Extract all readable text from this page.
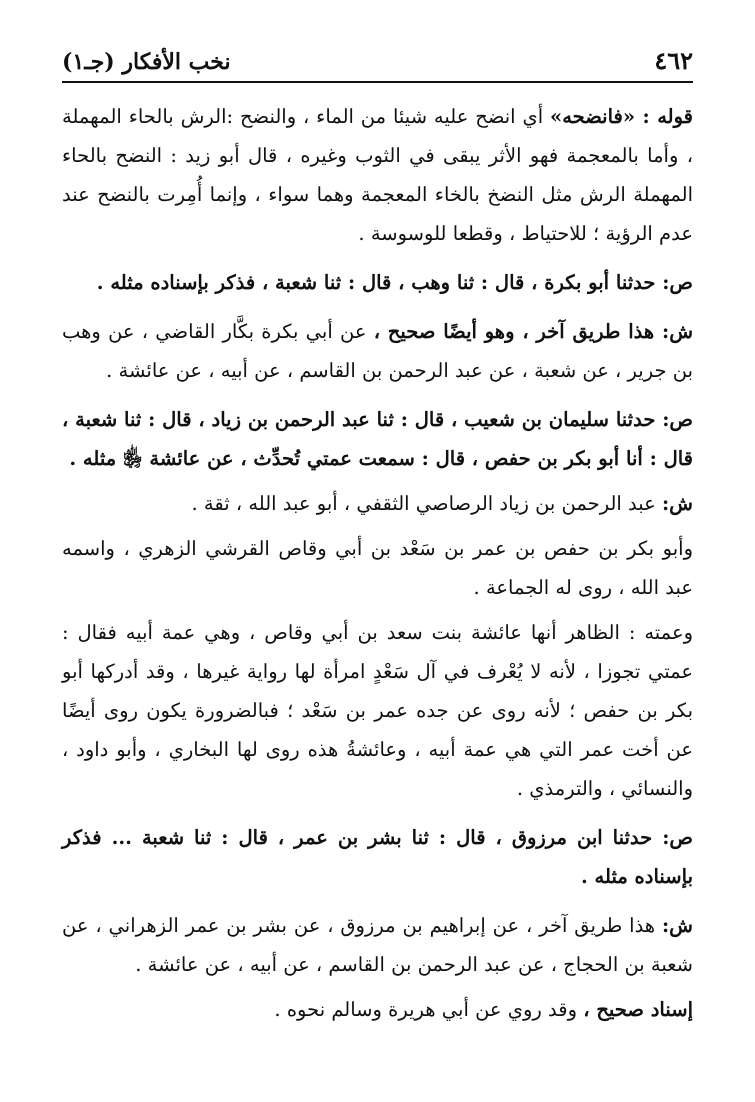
٤٦٢
نخب الأفكار (جـ١)

قوله : «فانضحه» أي انضح عليه شيئا من الماء ، والنضح :الرش بالحاء المهملة ، وأما بالمعجمة فهو الأثر يبقى في الثوب وغيره ، قال أبو زيد : النضح بالحاء المهملة الرش مثل النضخ بالخاء المعجمة وهما سواء ، وإنما أُمِرت بالنضح عند عدم الرؤية ؛ للاحتياط ، وقطعا للوسوسة .

ص: حدثنا أبو بكرة ، قال : ثنا وهب ، قال : ثنا شعبة ، فذكر بإسناده مثله .

ش: هذا طريق آخر ، وهو أيضًا صحيح ، عن أبي بكرة بكَّار القاضي ، عن وهب بن جرير ، عن شعبة ، عن عبد الرحمن بن القاسم ، عن أبيه ، عن عائشة .

ص: حدثنا سليمان بن شعيب ، قال : ثنا عبد الرحمن بن زياد ، قال : ثنا شعبة ، قال : أنا أبو بكر بن حفص ، قال : سمعت عمتي تُحدِّث ، عن عائشة ﵂ مثله .

ش: عبد الرحمن بن زياد الرصاصي الثقفي ، أبو عبد الله ، ثقة .

وأبو بكر بن حفص بن عمر بن سَعْد بن أبي وقاص القرشي الزهري ، واسمه عبد الله ، روى له الجماعة .

وعمته : الظاهر أنها عائشة بنت سعد بن أبي وقاص ، وهي عمة أبيه فقال : عمتي تجوزا ، لأنه لا يُعْرف في آل سَعْدٍ امرأة لها رواية غيرها ، وقد أدركها أبو بكر بن حفص ؛ لأنه روى عن جده عمر بن سَعْد ؛ فبالضرورة يكون روى أيضًا عن أخت عمر التي هي عمة أبيه ، وعائشةُ هذه روى لها البخاري ، وأبو داود ، والنسائي ، والترمذي .

ص: حدثنا ابن مرزوق ، قال : ثنا بشر بن عمر ، قال : ثنا شعبة ... فذكر بإسناده مثله .

ش: هذا طريق آخر ، عن إبراهيم بن مرزوق ، عن بشر بن عمر الزهراني ، عن شعبة بن الحجاج ، عن عبد الرحمن بن القاسم ، عن أبيه ، عن عائشة .

إسناد صحيح ، وقد روي عن أبي هريرة وسالم نحوه .
